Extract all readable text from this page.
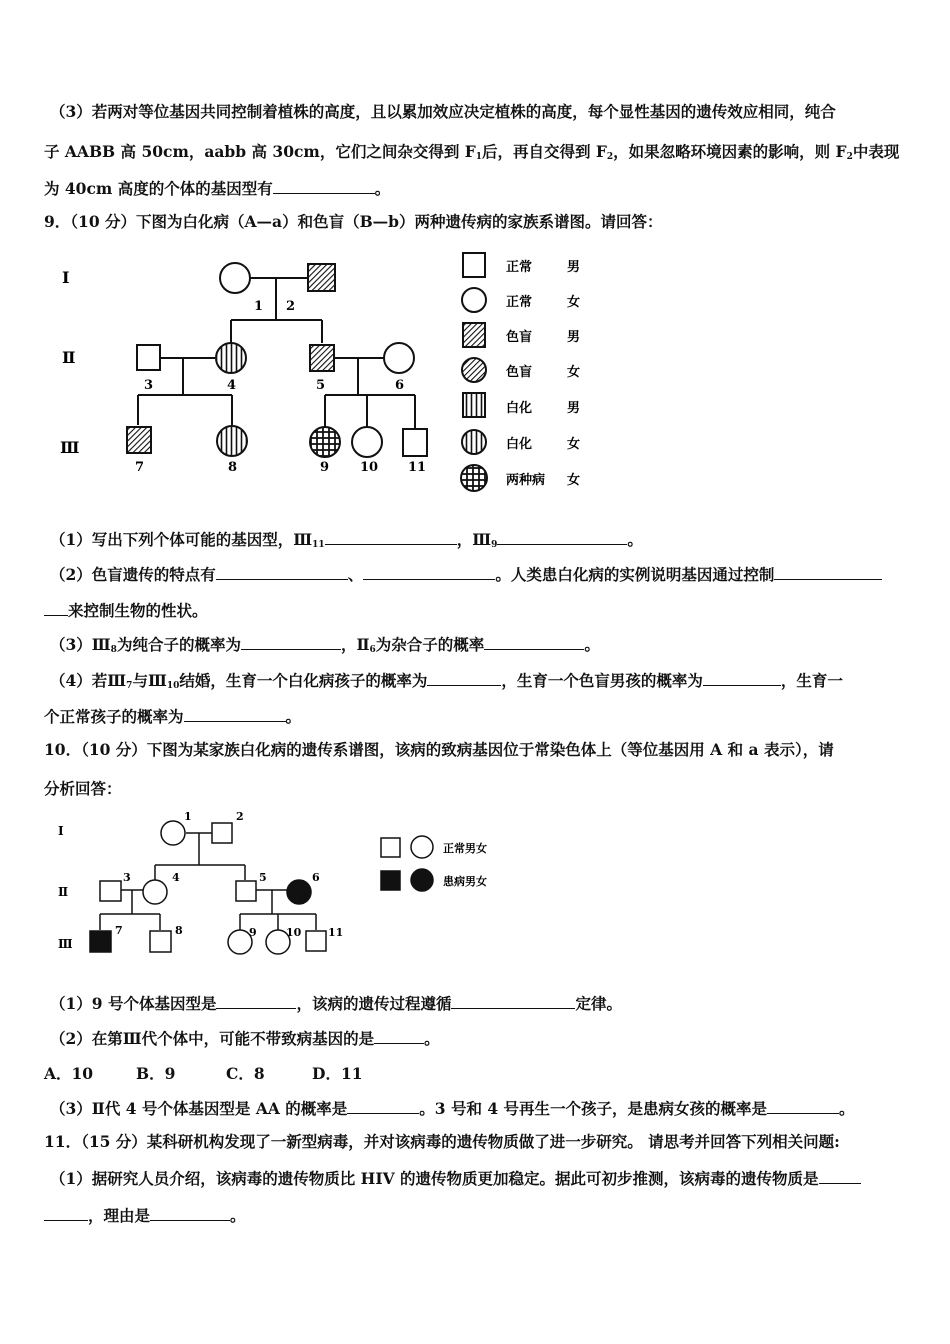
（3）若两对等位基因共同控制着植株的高度，且以累加效应决定植株的高度，每个显性基因的遗传效应相同，纯合
子 AABB 高 50cm，aabb 高 30cm，它们之间杂交得到 $F_1$后，再自交得到 $F_2$，如果忽略环境因素的影响，则 $F_2$中表现
为 40cm 高度的个体的基因型有	。
9．（10 分）下图为白化病（A—a）和色盲（B—b）两种遗传病的家族系谱图。请回答：
Ⅰ
Ⅱ
Ⅲ
1 2
3	4	5	6
7	8	9 10 11
正常	男
正常	女
色盲	男
色盲	女
白化	男
白化	女
两种病 女
（1）写出下列个体可能的基因型，$Ⅲ_{11}$	，$Ⅲ_9$	。
（2）色盲遗传的特点有	、	。人类患白化病的实例说明基因通过控制
来控制生物的性状。
$(3)Ⅲ_8$为纯合子的概率为	，$Ⅱ_6$为杂合子的概率	。
（4）若$Ⅲ_7$与$Ⅲ_{10}$结婚，生育一个白化病孩子的概率为	，生育一个色盲男孩的概率为	，生育一
个正常孩子的概率为	。
10．（10 分）下图为某家族白化病的遗传系谱图，该病的致病基因位于常染色体上（等位基因用 A 和 a 表示），请
分析回答：
Ⅰ
Ⅱ
Ⅲ
1	2
3	4	5	6
7	8	9	10 11
正常男女
患病男女
（1）9 号个体基因型是	，该病的遗传过程遵循	定律。
（2）在第Ⅲ代个体中，可能不带致病基因的是	。
A．10	B．9	C．8	D．11
（3）Ⅱ代 4 号个体基因型是 AA 的概率是	。3 号和 4 号再生一个孩子，是患病女孩的概率是	。
11．（15 分）某科研机构发现了一新型病毒，并对该病毒的遗传物质做了进一步研究。 请思考并回答下列相关问题:
（1）据研究人员介绍，该病毒的遗传物质比 HIV 的遗传物质更加稳定。据此可初步推测，该病毒的遗传物质是
，理由是	。
